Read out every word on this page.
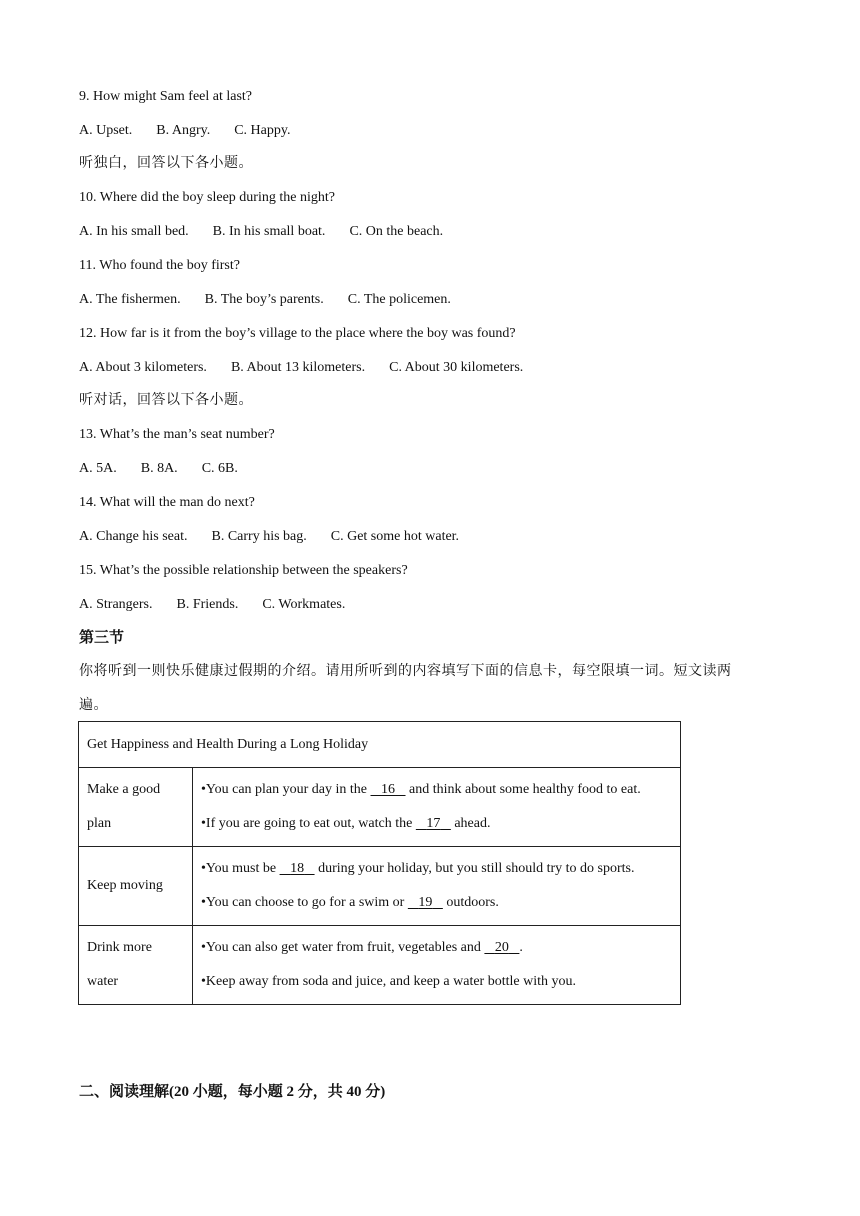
9. How might Sam feel at last?
A. Upset. B. Angry. C. Happy.
听独白，回答以下各小题。
10. Where did the boy sleep during the night?
A. In his small bed. B. In his small boat. C. On the beach.
11. Who found the boy first?
A. The fishermen. B. The boy’s parents. C. The policemen.
12. How far is it from the boy’s village to the place where the boy was found?
A. About 3 kilometers. B. About 13 kilometers. C. About 30 kilometers.
听对话，回答以下各小题。
13. What’s the man’s seat number?
A. 5A. B. 8A. C. 6B.
14. What will the man do next?
A. Change his seat. B. Carry his bag. C. Get some hot water.
15. What’s the possible relationship between the speakers?
A. Strangers. B. Friends. C. Workmates.
第三节
你将听到一则快乐健康过假期的介绍。请用所听到的内容填写下面的信息卡，每空限填一词。短文读两
遍。
Get Happiness and Health During a Long Holiday	
Make a good plan	•You can plan your day in the    16    and think about some healthy food to eat.
•If you are going to eat out, watch the    17    ahead.

Keep moving	•You must be    18    during your holiday, but you still should try to do sports.
•You can choose to go for a swim or    19    outdoors.

Drink more water	•You can also get water from fruit, vegetables and    20 .
•Keep away from soda and juice, and keep a water bottle with you.
二、阅读理解(20 小题，每小题 2 分，共 40 分)
